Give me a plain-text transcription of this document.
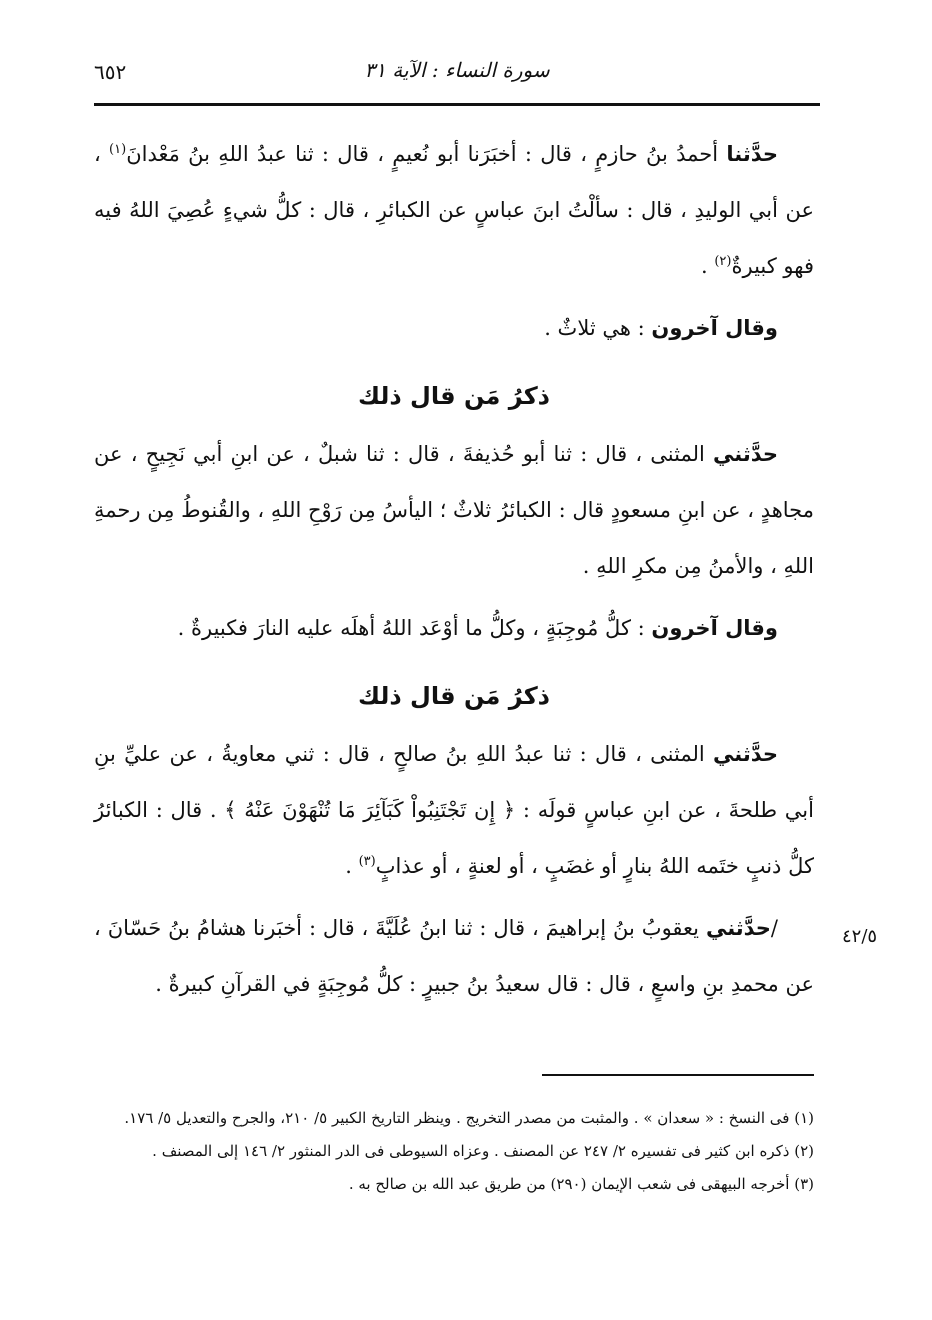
٦٥٢	سورة النساء : الآية ٣١

حدَّثنا أحمدُ بنُ حازمٍ ، قال : أخبَرَنا أبو نُعيمٍ ، قال : ثنا عبدُ اللهِ بنُ مَعْدانَ$^{(١)}$ ، عن أبي الوليدِ ، قال : سألْتُ ابنَ عباسٍ عن الكبائرِ ، قال : كلُّ شيءٍ عُصِيَ اللهُ فيه فهو كبيرةٌ$^{(٢)}$ .

وقال آخرون : هي ثلاثٌ .

ذكرُ مَن قال ذلك

حدَّثني المثنى ، قال : ثنا أبو حُذيفةَ ، قال : ثنا شبلٌ ، عن ابنِ أبي نَجِيحٍ ، عن مجاهدٍ ، عن ابنِ مسعودٍ قال : الكبائرُ ثلاثٌ ؛ اليأسُ مِن رَوْحِ اللهِ ، والقُنوطُ مِن رحمةِ اللهِ ، والأمنُ مِن مكرِ اللهِ .

وقال آخرون : كلُّ مُوجِبَةٍ ، وكلُّ ما أوْعَد اللهُ أهلَه عليه النارَ فكبيرةٌ .

ذكرُ مَن قال ذلك

حدَّثني المثنى ، قال : ثنا عبدُ اللهِ بنُ صالحٍ ، قال : ثني معاويةُ ، عن عليِّ بنِ أبي طلحةَ ، عن ابنِ عباسٍ قولَه : ﴿ إِن تَجْتَنِبُواْ كَبَآئِرَ مَا تُنْهَوْنَ عَنْهُ ﴾ . قال : الكبائرُ كلُّ ذنبٍ ختَمه اللهُ بنارٍ أو غضَبٍ ، أو لعنةٍ ، أو عذابٍ$^{(٣)}$ .

/حدَّثني يعقوبُ بنُ إبراهيمَ ، قال : ثنا ابنُ عُلَيَّةَ ، قال : أخبَرنا هشامُ بنُ حَسّانَ ، عن محمدِ بنِ واسعٍ ، قال : قال سعيدُ بنُ جبيرٍ : كلُّ مُوجِبَةٍ في القرآنِ كبيرةٌ .

٤٢/٥

(١) فى النسخ : « سعدان » . والمثبت من مصدر التخريج . وينظر التاريخ الكبير ٥/ ٢١٠، والجرح والتعديل ٥/ ١٧٦.

(٢) ذكره ابن كثير فى تفسيره ٢/ ٢٤٧ عن المصنف . وعزاه السيوطى فى الدر المنثور ٢/ ١٤٦ إلى المصنف .

(٣) أخرجه البيهقى فى شعب الإيمان (٢٩٠) من طريق عبد الله بن صالح به .
